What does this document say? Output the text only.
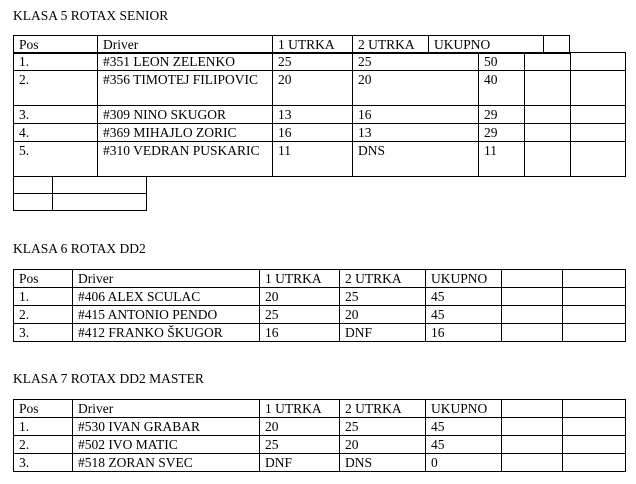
KLASA 5 ROTAX SENIOR
Pos	Driver	1 UTRKA	2 UTRKA	UKUPNO	
1.	#351 LEON ZELENKO	25	25	50		
2.	#356 TIMOTEJ FILIPOVIC	20	20	40		
3.	#309 NINO SKUGOR	13	16	29		
4.	#369 MIHAJLO ZORIC	16	13	29		
5.	#310 VEDRAN PUSKARIC	11	DNS	11		

KLASA 6 ROTAX DD2
Pos	Driver	1 UTRKA	2 UTRKA	UKUPNO		
1.	#406 ALEX SCULAC	20	25	45		
2.	#415 ANTONIO PENDO	25	20	45		
3.	#412 FRANKO ŠKUGOR	16	DNF	16		
KLASA 7 ROTAX DD2 MASTER
Pos	Driver	1 UTRKA	2 UTRKA	UKUPNO		
1.	#530 IVAN GRABAR	20	25	45		
2.	#502 IVO MATIC	25	20	45		
3.	#518 ZORAN SVEC	DNF	DNS	0		
